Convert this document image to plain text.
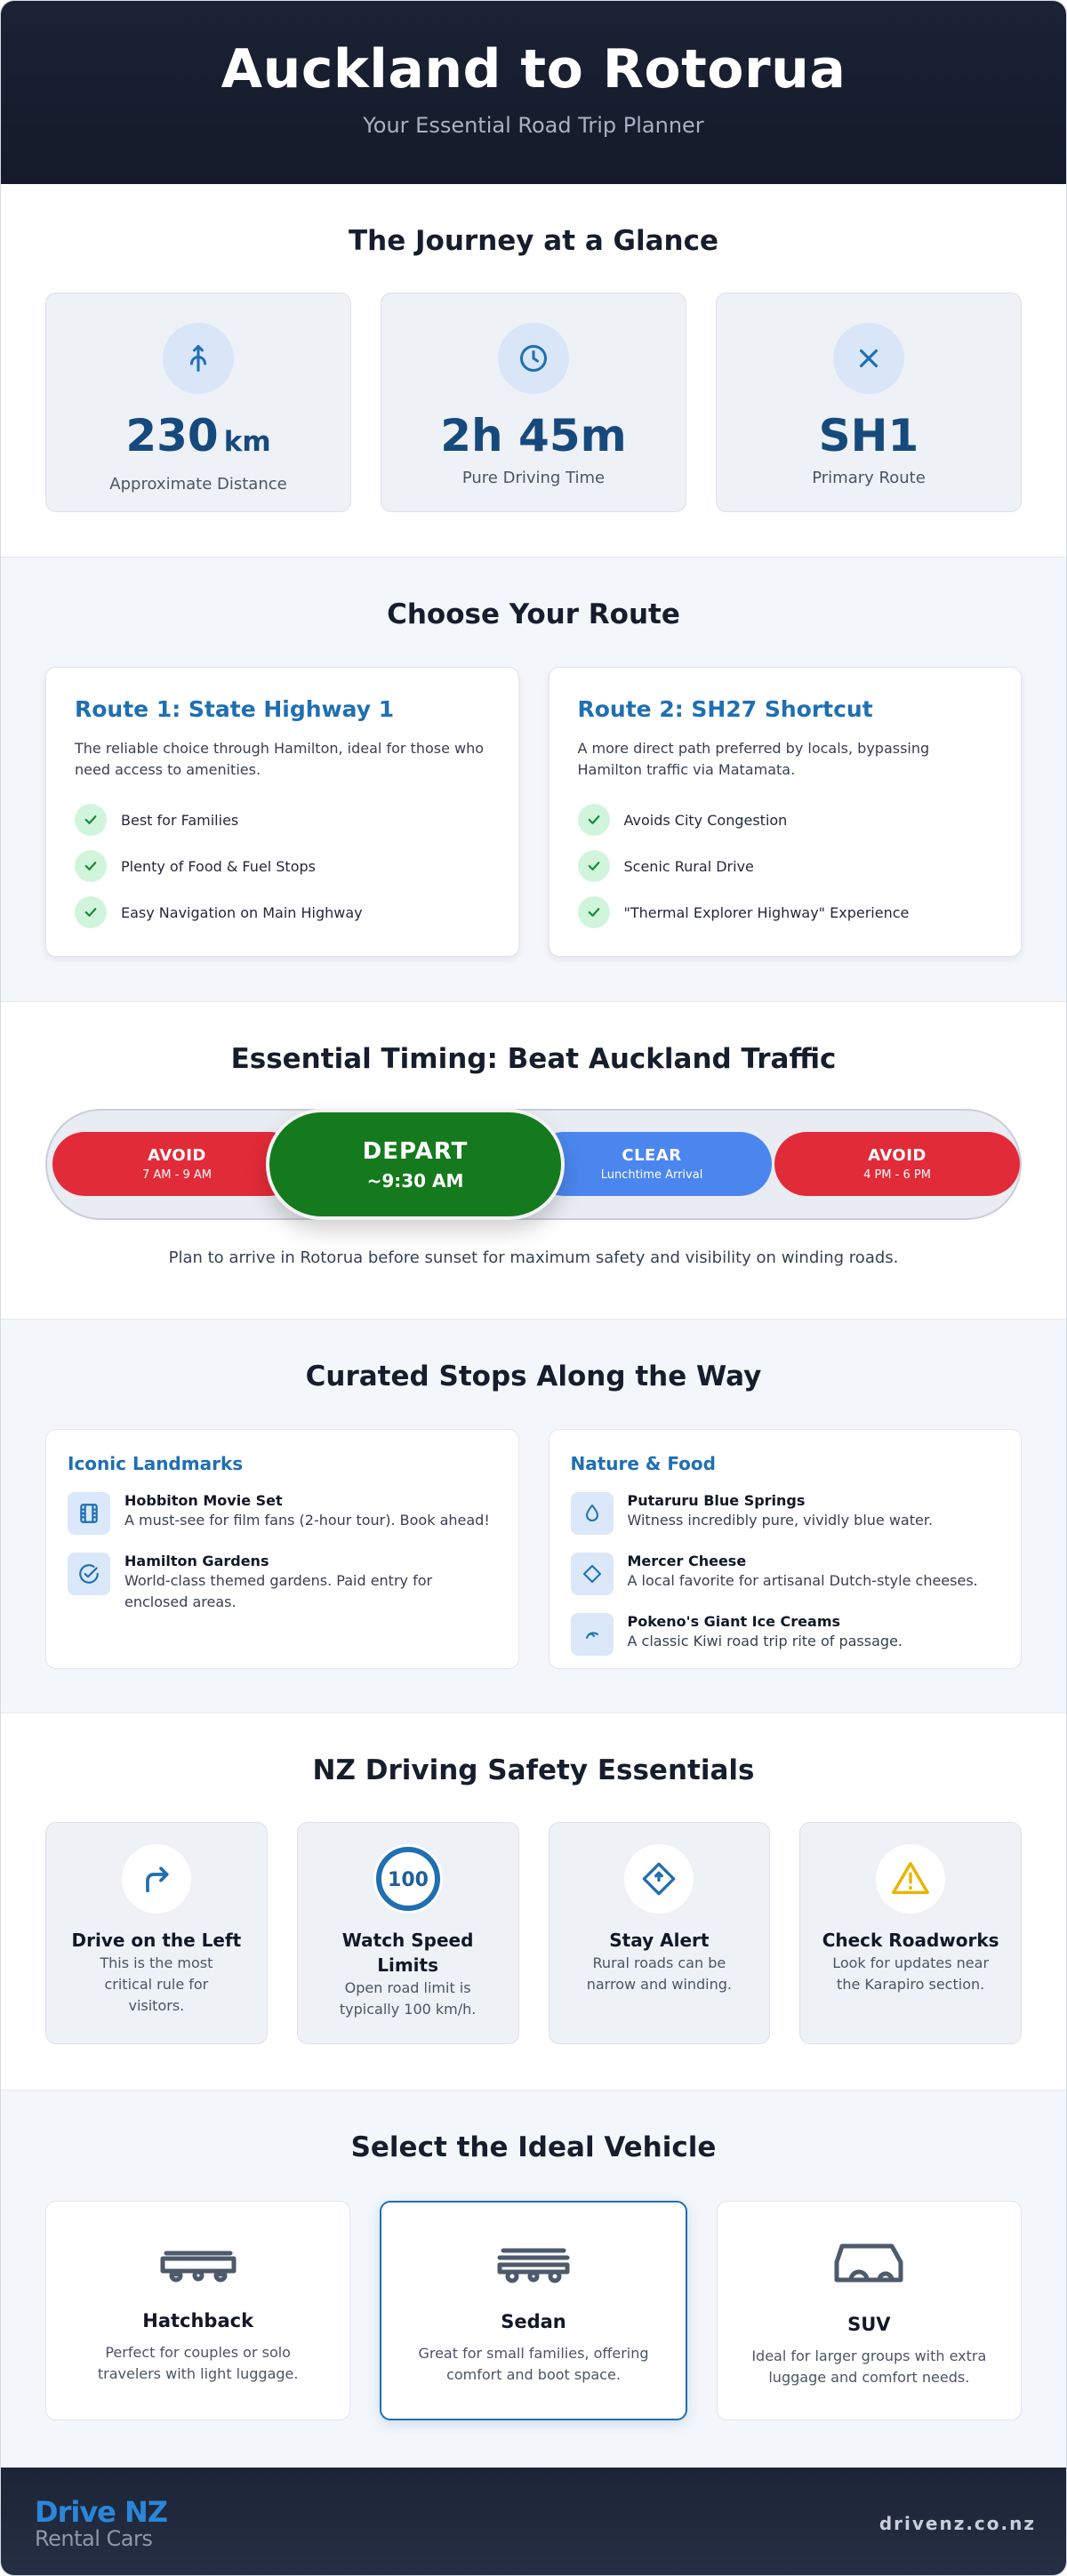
Auckland to Rotorua
Your Essential Road Trip Planner
The Journey at a Glance
230 km
Approximate Distance
2h 45m
Pure Driving Time
SH1
Primary Route
Choose Your Route
Route 1: State Highway 1
The reliable choice through Hamilton, ideal for those who need access to amenities.
Best for Families
Plenty of Food & Fuel Stops
Easy Navigation on Main Highway
Route 2: SH27 Shortcut
A more direct path preferred by locals, bypassing Hamilton traffic via Matamata.
Avoids City Congestion
Scenic Rural Drive
"Thermal Explorer Highway" Experience
Essential Timing: Beat Auckland Traffic
AVOID
7 AM - 9 AM
CLEAR
Lunchtime Arrival
AVOID
4 PM - 6 PM
DEPART
~9:30 AM
Plan to arrive in Rotorua before sunset for maximum safety and visibility on winding roads.
Curated Stops Along the Way
Iconic Landmarks
Hobbiton Movie Set
A must-see for film fans (2-hour tour). Book ahead!
Hamilton Gardens
World-class themed gardens. Paid entry for enclosed areas.
Nature & Food
Putaruru Blue Springs
Witness incredibly pure, vividly blue water.
Mercer Cheese
A local favorite for artisanal Dutch-style cheeses.
Pokeno's Giant Ice Creams
A classic Kiwi road trip rite of passage.
NZ Driving Safety Essentials
Drive on the Left
This is the most critical rule for visitors.
100
Watch Speed Limits
Open road limit is typically 100 km/h.
Stay Alert
Rural roads can be narrow and winding.
Check Roadworks
Look for updates near the Karapiro section.
Select the Ideal Vehicle
Hatchback
Perfect for couples or solo travelers with light luggage.
Sedan
Great for small families, offering comfort and boot space.
SUV
Ideal for larger groups with extra luggage and comfort needs.
Drive NZ
Rental Cars
drivenz.co.nz
